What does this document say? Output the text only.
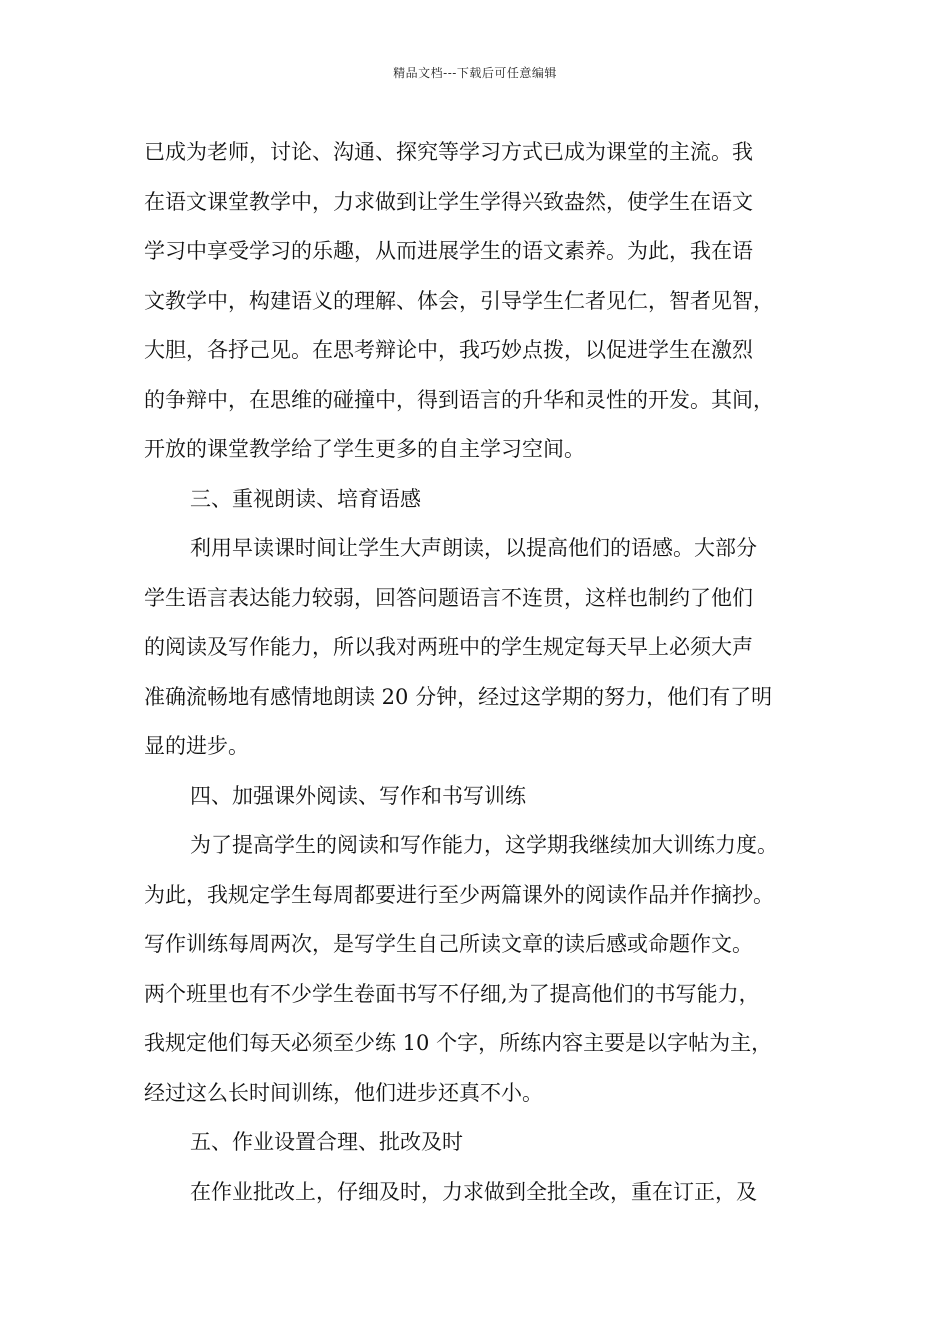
精品文档---下载后可任意编辑
已成为老师，讨论、沟通、探究等学习方式已成为课堂的主流。我
在语文课堂教学中，力求做到让学生学得兴致盎然，使学生在语文
学习中享受学习的乐趣，从而进展学生的语文素养。为此，我在语
文教学中，构建语义的理解、体会，引导学生仁者见仁，智者见智，
大胆，各抒己见。在思考辩论中，我巧妙点拨，以促进学生在激烈
的争辩中，在思维的碰撞中，得到语言的升华和灵性的开发。其间，
开放的课堂教学给了学生更多的自主学习空间。
三、重视朗读、培育语感
利用早读课时间让学生大声朗读，以提高他们的语感。大部分
学生语言表达能力较弱，回答问题语言不连贯，这样也制约了他们
的阅读及写作能力，所以我对两班中的学生规定每天早上必须大声
准确流畅地有感情地朗读 20 分钟，经过这学期的努力，他们有了明
显的进步。
四、加强课外阅读、写作和书写训练
为了提高学生的阅读和写作能力，这学期我继续加大训练力度。
为此，我规定学生每周都要进行至少两篇课外的阅读作品并作摘抄。
写作训练每周两次，是写学生自己所读文章的读后感或命题作文。
两个班里也有不少学生卷面书写不仔细,为了提高他们的书写能力，
我规定他们每天必须至少练 10 个字，所练内容主要是以字帖为主，
经过这么长时间训练，他们进步还真不小。
五、作业设置合理、批改及时
在作业批改上，仔细及时，力求做到全批全改，重在订正，及
